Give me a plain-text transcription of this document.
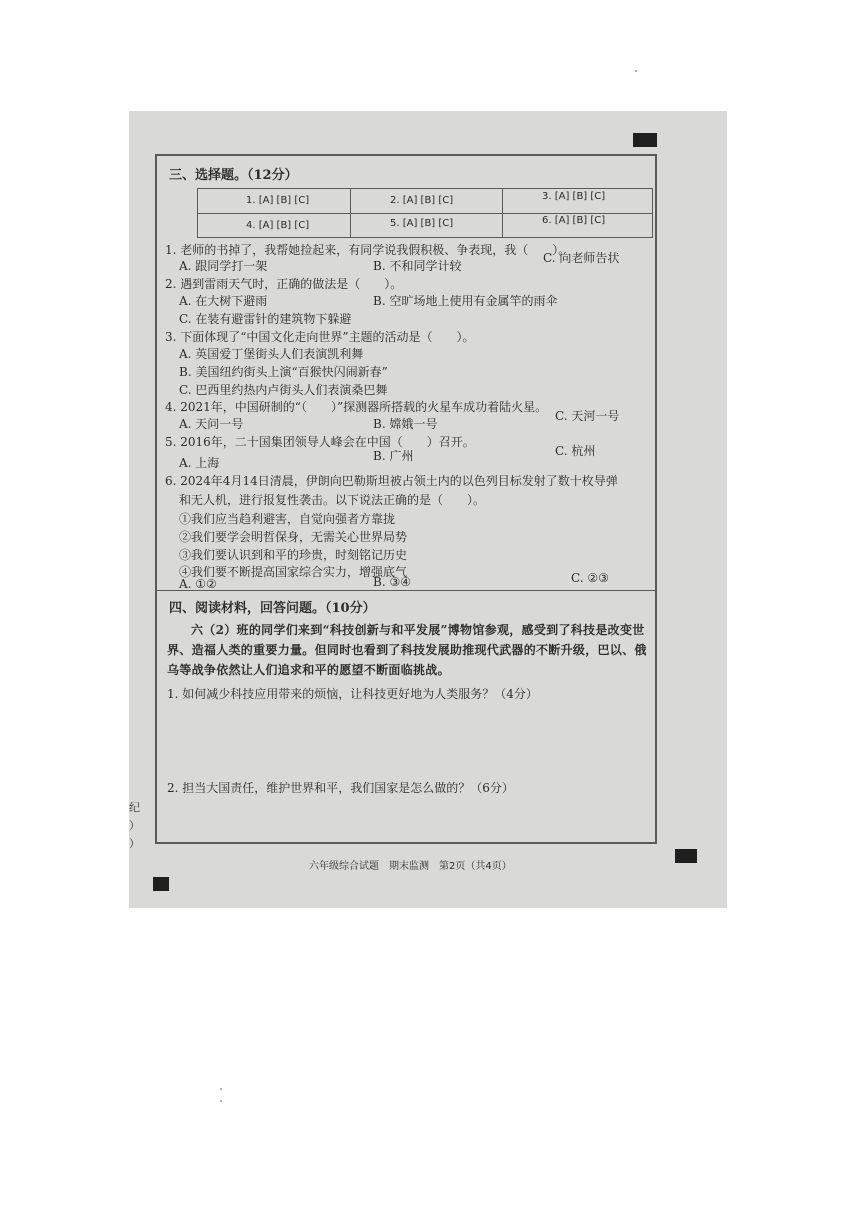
纪 ） ）
三、选择题。（12分）
1. [A] [B] [C]	2. [A] [B] [C]	3. [A] [B] [C]
4. [A] [B] [C]	5. [A] [B] [C]	6. [A] [B] [C]
1. 老师的书掉了，我帮她捡起来，有同学说我假积极、争表现，我（　　）。
A. 跟同学打一架	B. 不和同学计较
C. 向老师告状
2. 遇到雷雨天气时，正确的做法是（　　）。
A. 在大树下避雨	B. 空旷场地上使用有金属竿的雨伞
C. 在装有避雷针的建筑物下躲避
3. 下面体现了“中国文化走向世界”主题的活动是（　　）。
A. 英国爱丁堡街头人们表演凯利舞
B. 美国纽约街头上演“百猴快闪闹新春”
C. 巴西里约热内卢街头人们表演桑巴舞
4. 2021年，中国研制的“（　　）”探测器所搭载的火星车成功着陆火星。
A. 天问一号	B. 嫦娥一号
C. 天河一号
5. 2016年，二十国集团领导人峰会在中国（　　）召开。
A. 上海	B. 广州	C. 杭州
6. 2024年4月14日清晨，伊朗向巴勒斯坦被占领土内的以色列目标发射了数十枚导弹
和无人机，进行报复性袭击。以下说法正确的是（　　）。
①我们应当趋利避害，自觉向强者方靠拢
②我们要学会明哲保身，无需关心世界局势
③我们要认识到和平的珍贵，时刻铭记历史
④我们要不断提高国家综合实力，增强底气
A. ①②	B. ③④	C. ②③
四、阅读材料，回答问题。（10分）
六（2）班的同学们来到“科技创新与和平发展”博物馆参观，感受到了科技是改变世界、造福人类的重要力量。但同时也看到了科技发展助推现代武器的不断升级，巴以、俄乌等战争依然让人们追求和平的愿望不断面临挑战。
1. 如何减少科技应用带来的烦恼，让科技更好地为人类服务？（4分）
2. 担当大国责任，维护世界和平，我们国家是怎么做的？（6分）
六年级综合试题　期末监测　第2页（共4页）
